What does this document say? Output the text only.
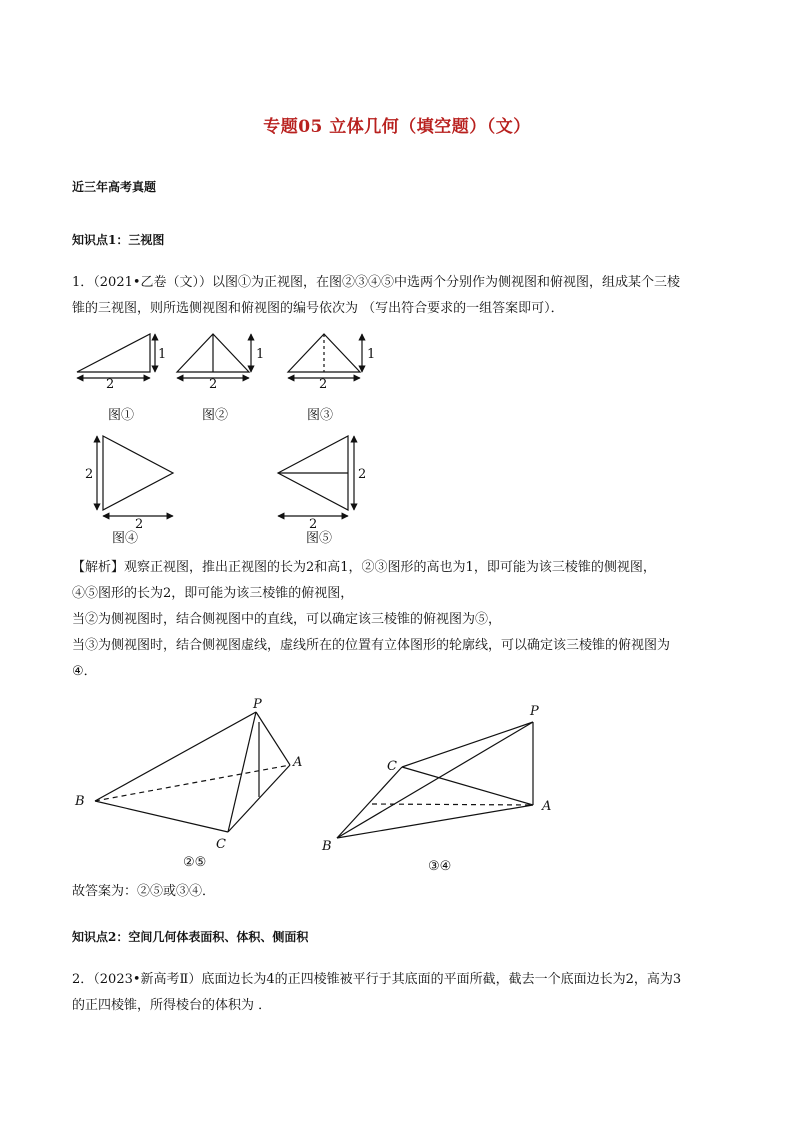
专题05 立体几何（填空题）（文）
近三年高考真题
知识点1：三视图
1．（2021•乙卷（文））以图①为正视图，在图②③④⑤中选两个分别作为侧视图和俯视图，组成某个三棱
锥的三视图，则所选侧视图和俯视图的编号依次为 （写出符合要求的一组答案即可）．
1
2
1
2
1
2
2
2
2
2
图①	图②	图③
图④	图⑤
【解析】观察正视图，推出正视图的长为2和高1，②③图形的高也为1，即可能为该三棱锥的侧视图，
④⑤图形的长为2，即可能为该三棱锥的俯视图，
当②为侧视图时，结合侧视图中的直线，可以确定该三棱锥的俯视图为⑤，
当③为侧视图时，结合侧视图虚线，虚线所在的位置有立体图形的轮廓线，可以确定该三棱锥的俯视图为
④．
P
A
B
C
P
A
B
C
②⑤	③④
故答案为：②⑤或③④．
知识点2：空间几何体表面积、体积、侧面积
2．（2023•新高考Ⅱ）底面边长为4的正四棱锥被平行于其底面的平面所截，截去一个底面边长为2，高为3
的正四棱锥，所得棱台的体积为 ．
